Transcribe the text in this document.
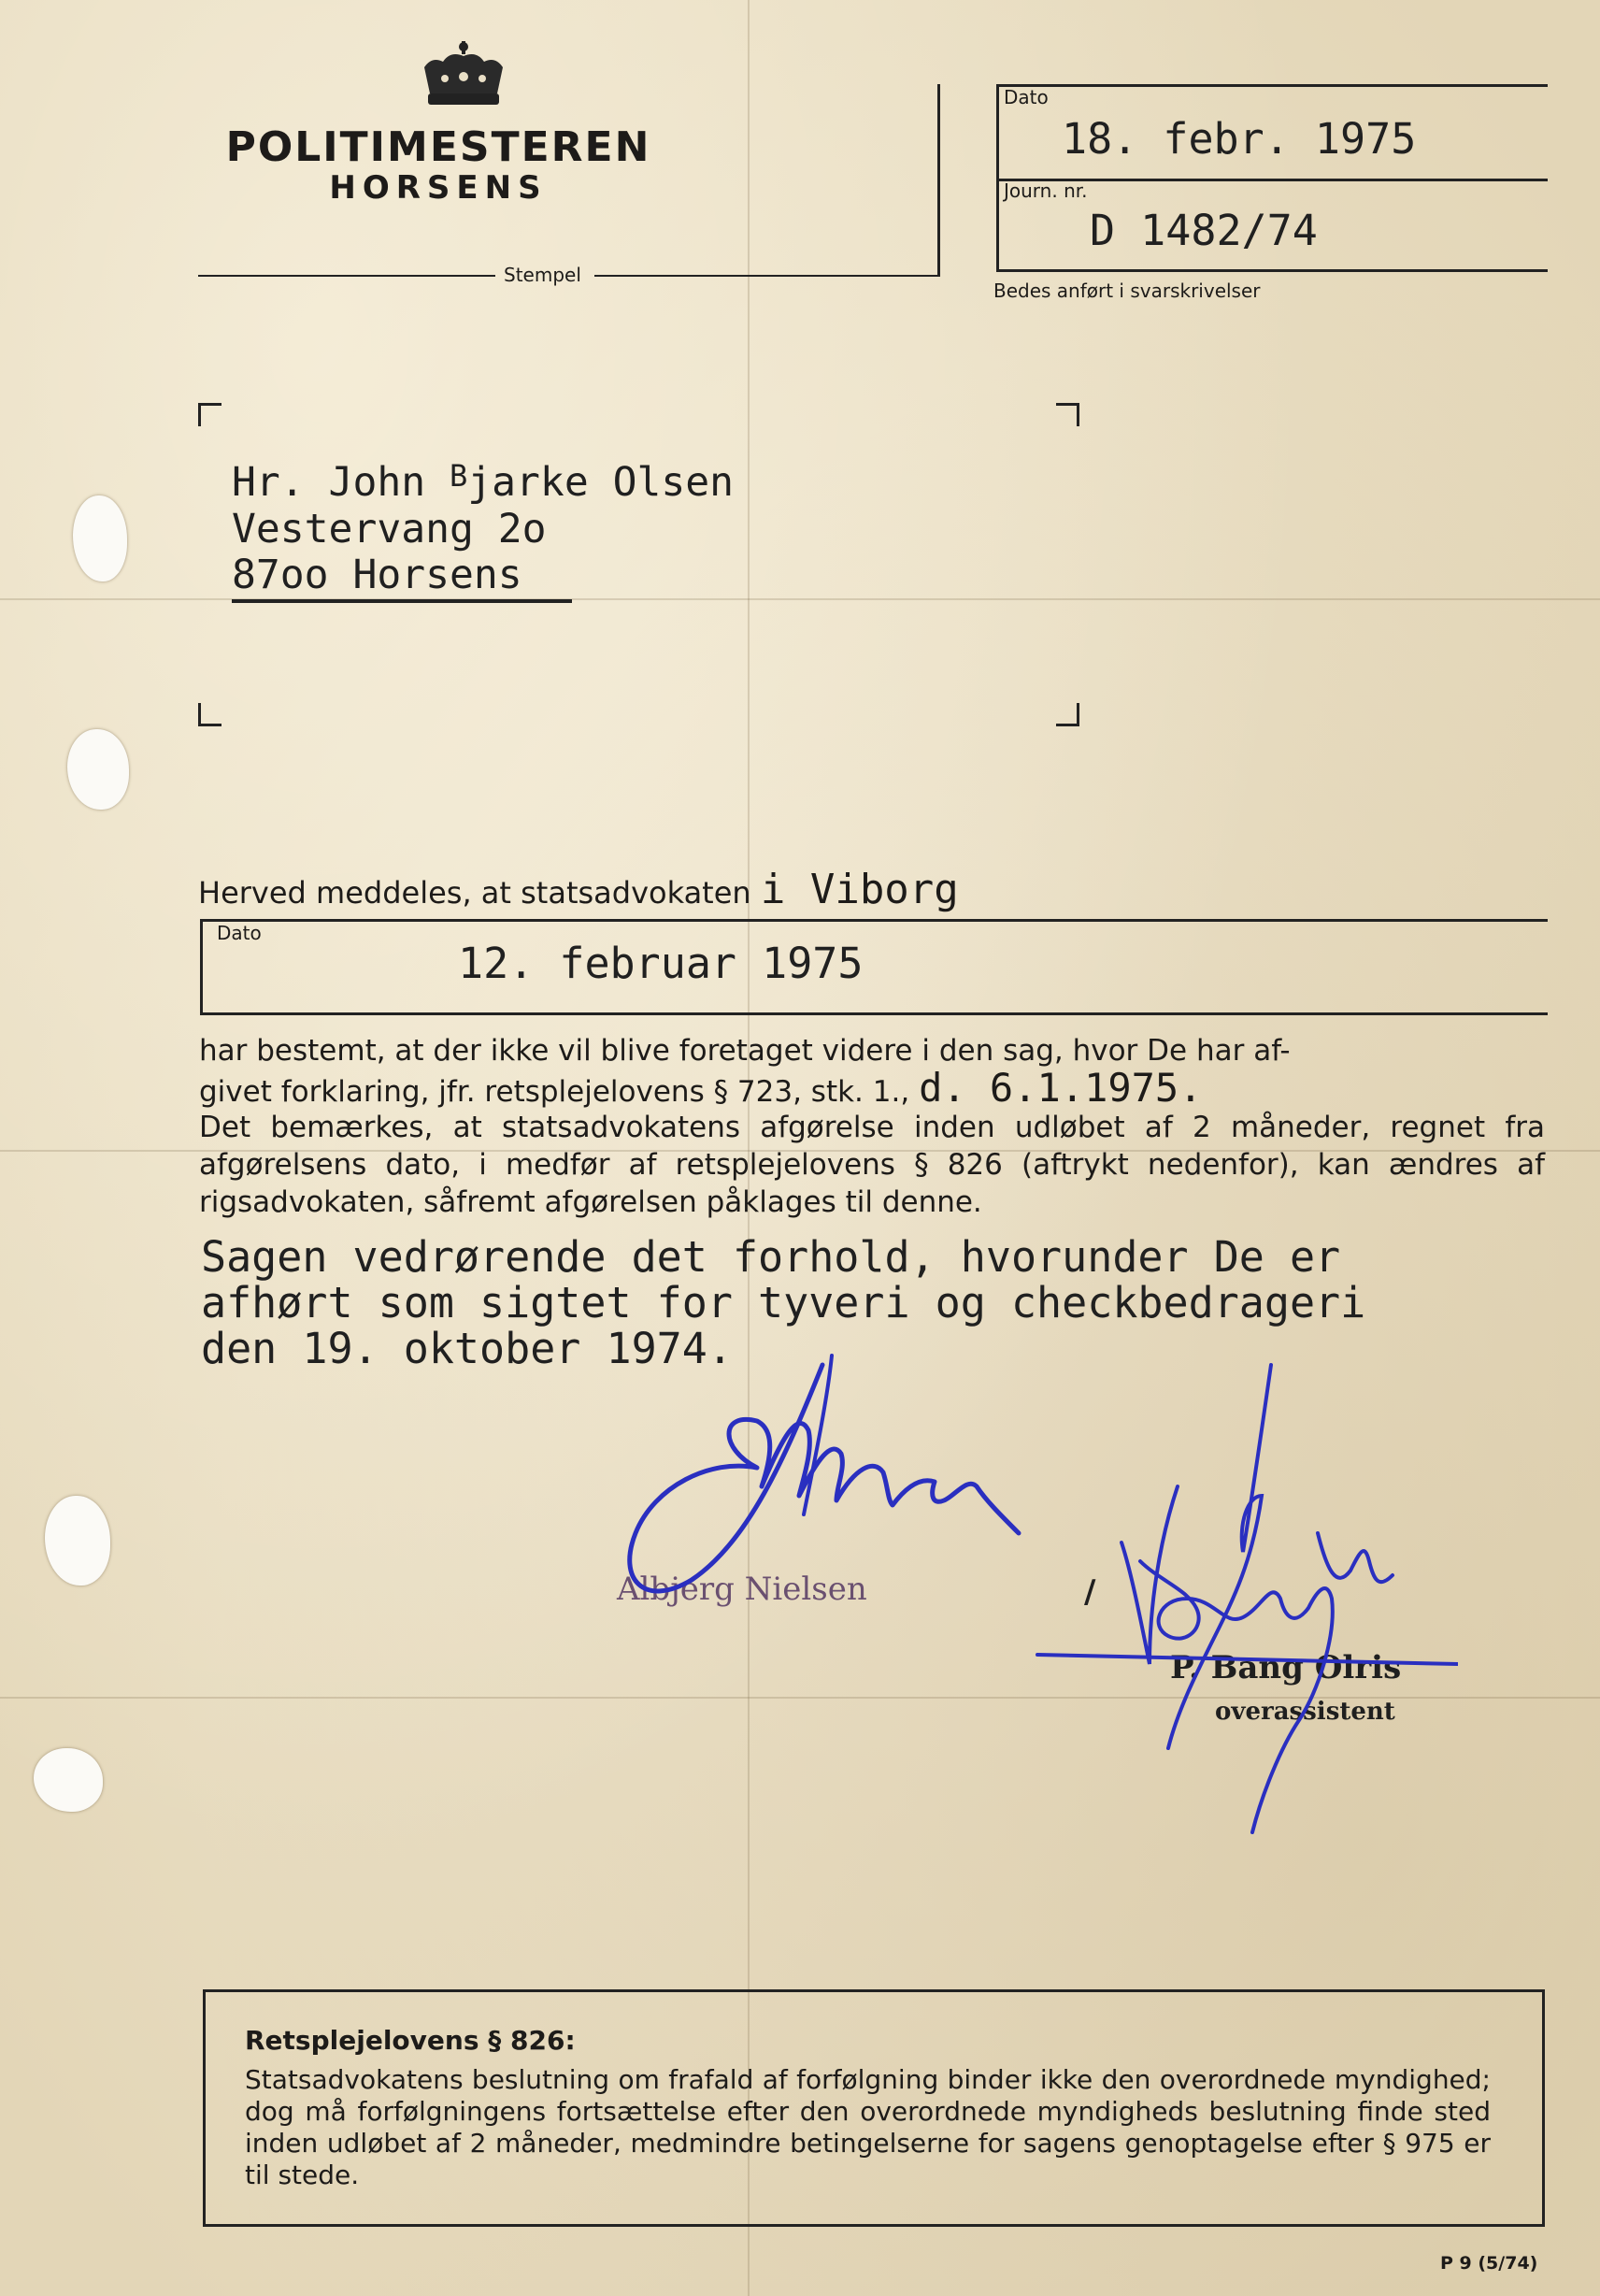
POLITIMESTEREN
HORSENS
Stempel
Dato
18. febr. 1975
Journ. nr.
D 1482/74
Bedes anført i svarskrivelser
Hr. John $^B$jarke Olsen
Vestervang 2o
87oo Horsens
Herved meddeles, at statsadvokaten i Viborg
Dato
12. februar 1975
har bestemt, at der ikke vil blive foretaget videre i den sag, hvor De har af-
givet forklaring, jfr. retsplejelovens § 723, stk. 1., d. 6.1.1975.
Det bemærkes, at statsadvokatens afgørelse inden udløbet af 2 måneder, regnet fra afgørelsens dato, i medfør af retsplejelovens § 826 (aftrykt nedenfor), kan ændres af rigsadvokaten, såfremt afgørelsen påklages til denne.
Sagen vedrørende det forhold, hvorunder De er
afhørt som sigtet for tyveri og checkbedrageri
den 19. oktober 1974.
Albjerg Nielsen	/
P. Bang Olris
overassistent
Retsplejelovens § 826:
Statsadvokatens beslutning om frafald af forfølgning binder ikke den overordnede myndighed; dog må forfølgningens fortsættelse efter den overordnede myndigheds beslutning finde sted inden udløbet af 2 måneder, medmindre betingelserne for sagens genoptagelse efter § 975 er til stede.
P 9 (5/74)
